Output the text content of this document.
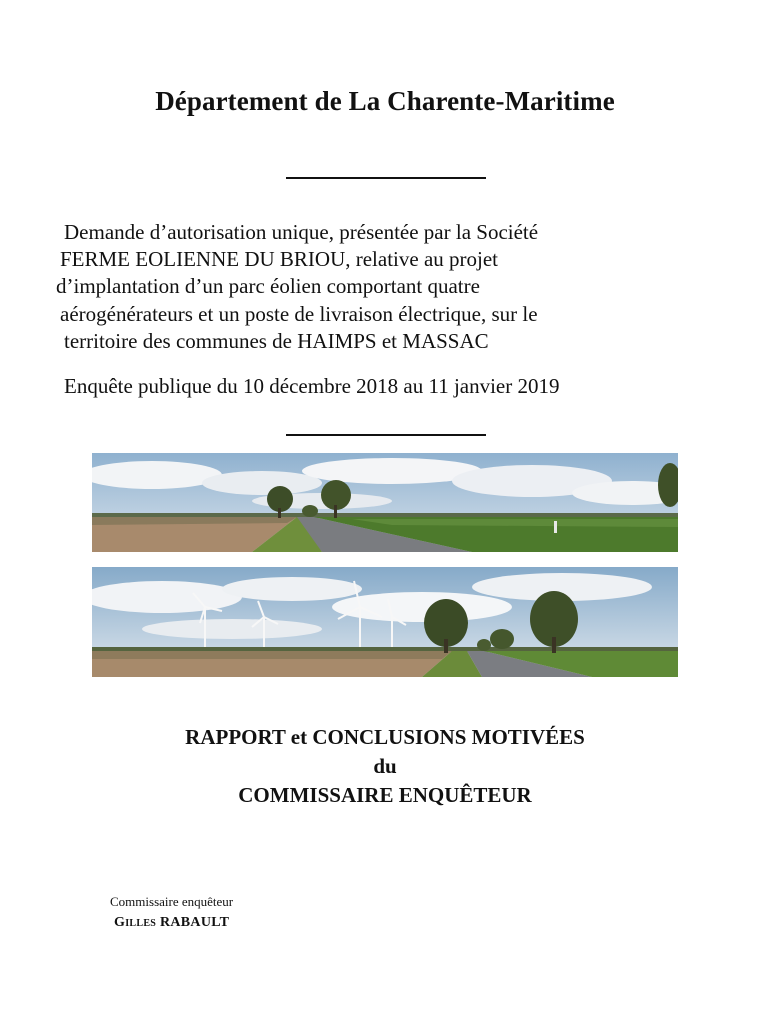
Département de La Charente-Maritime
Demande d’autorisation unique, présentée par la Société
FERME EOLIENNE DU BRIOU, relative au projet
d’implantation d’un parc éolien comportant quatre
aérogénérateurs et un poste de livraison électrique, sur le
territoire des communes de HAIMPS et MASSAC
Enquête publique du 10 décembre 2018 au 11 janvier 2019
RAPPORT et CONCLUSIONS MOTIVÉES
du
COMMISSAIRE ENQUÊTEUR
Commissaire enquêteur
Gilles RABAULT
